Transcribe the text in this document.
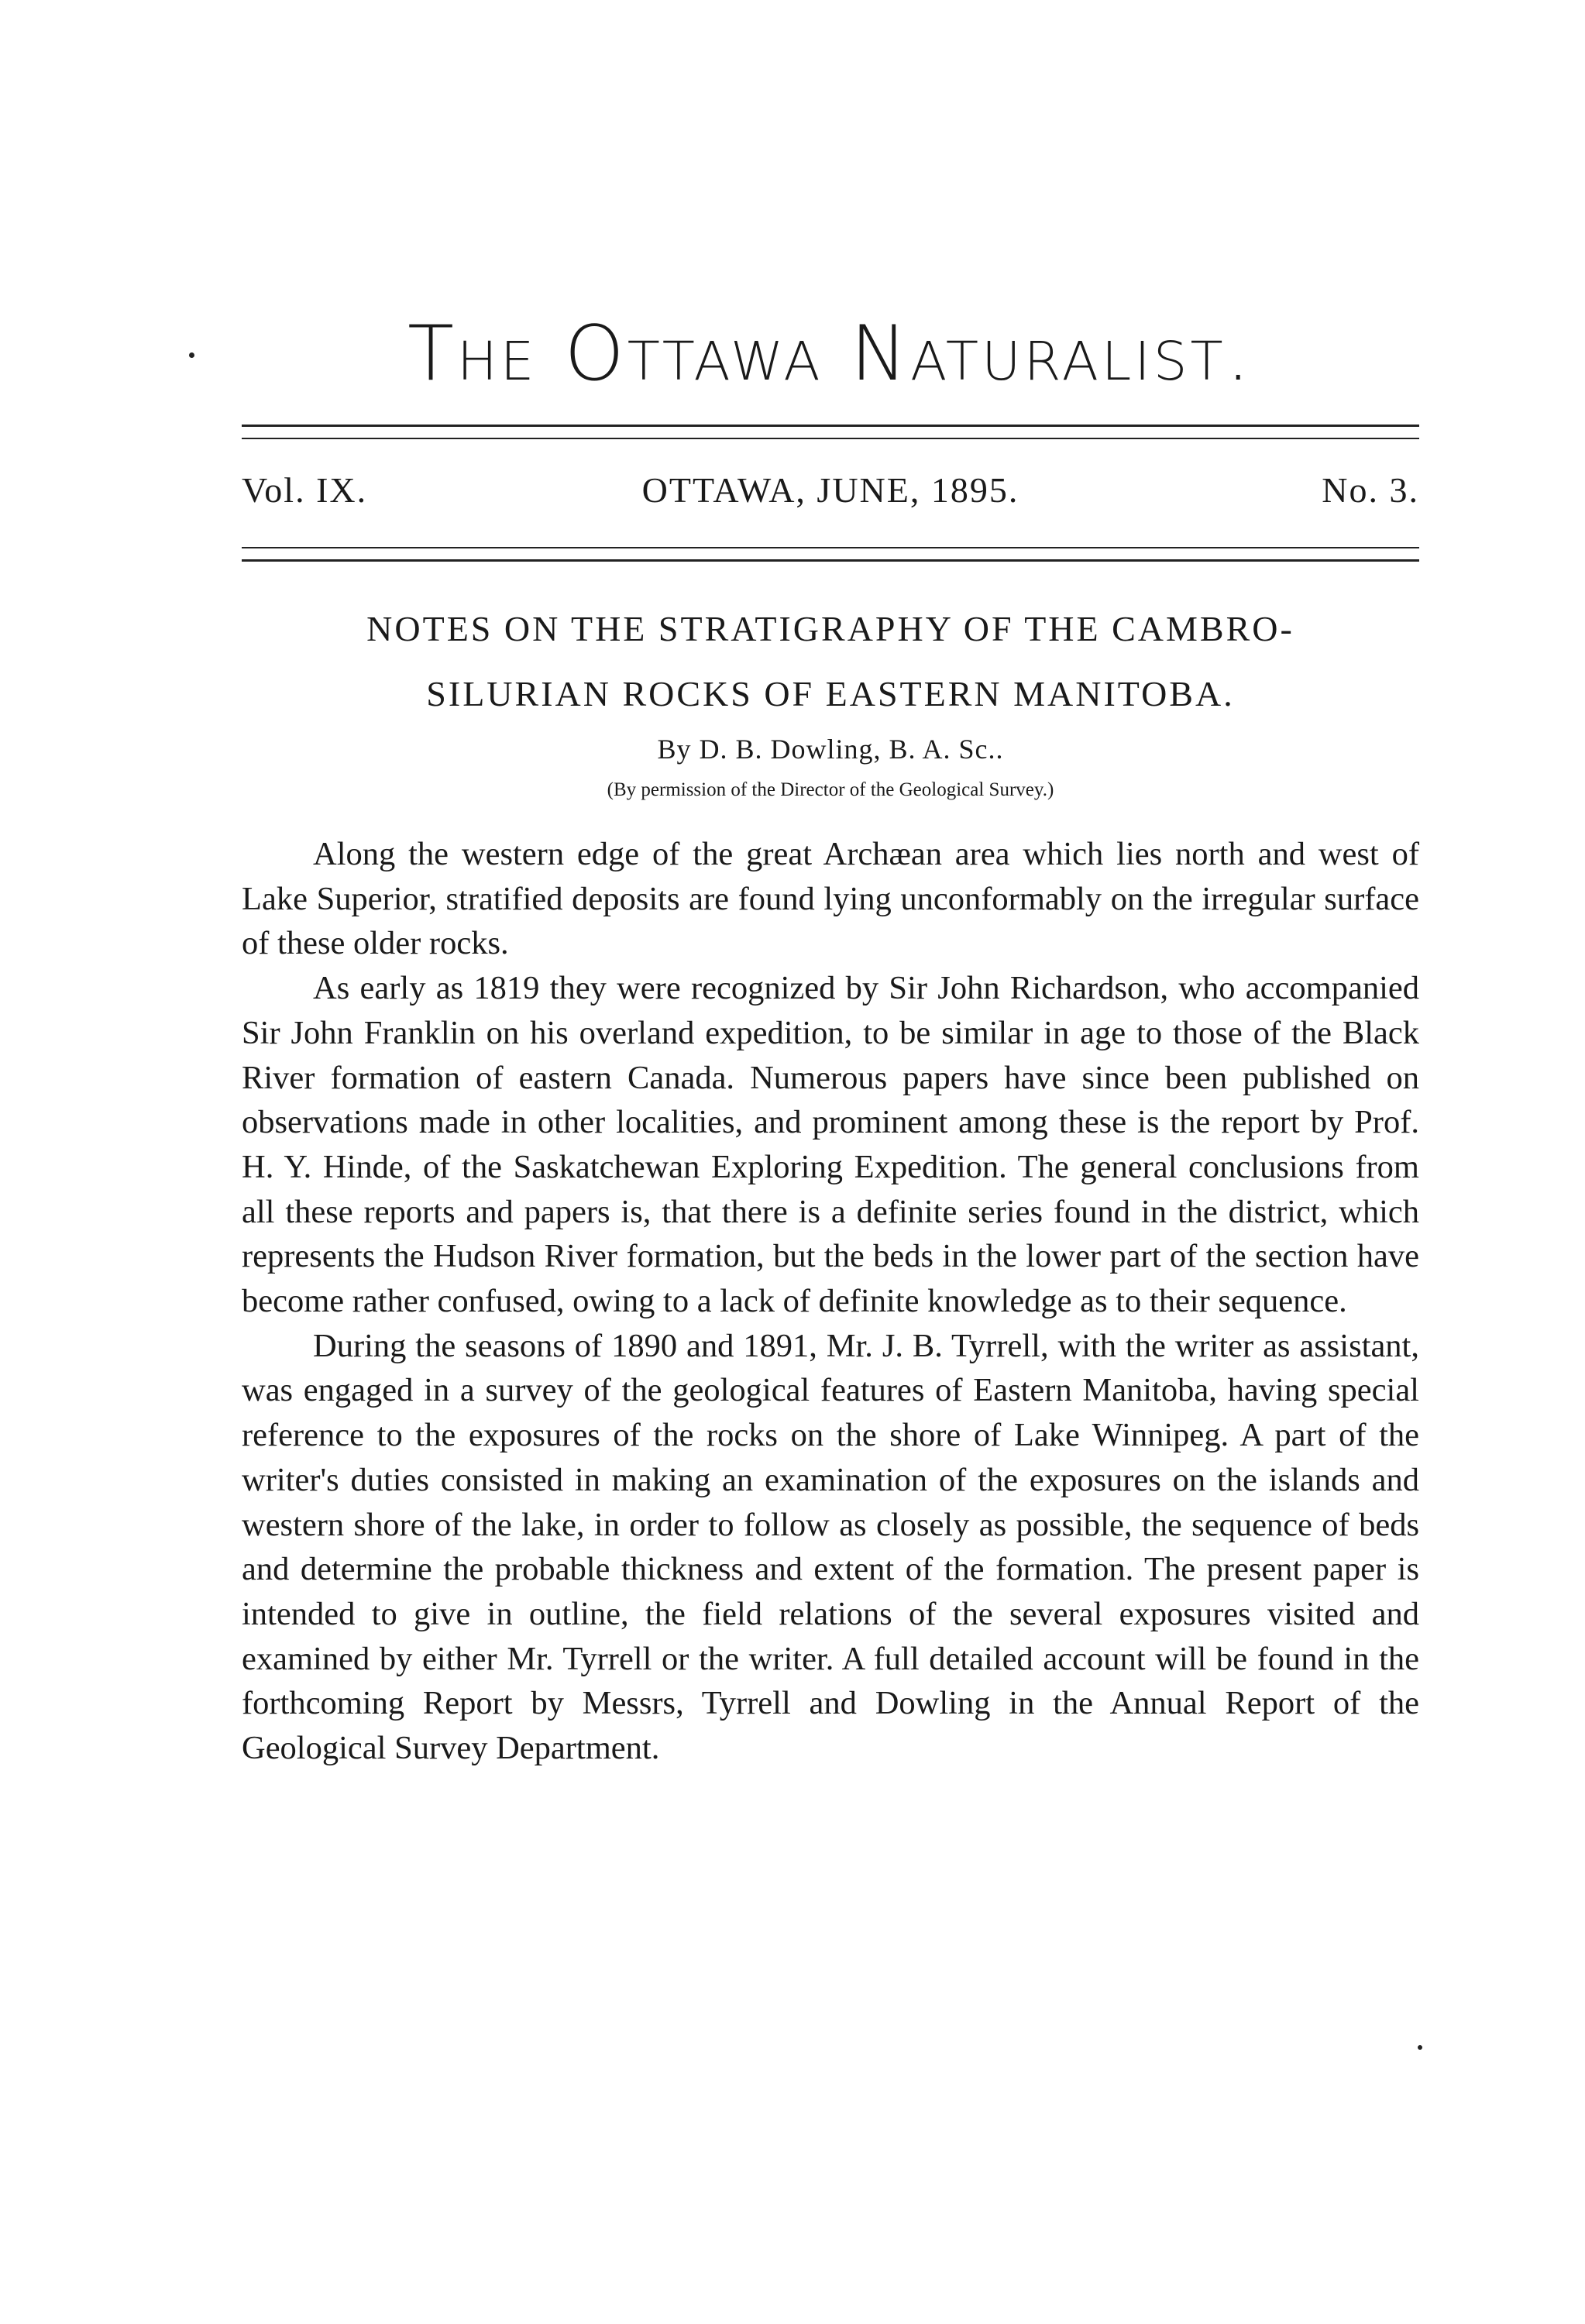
The Ottawa Naturalist.
Vol. IX.	OTTAWA, JUNE, 1895.	No. 3.
NOTES ON THE STRATIGRAPHY OF THE CAMBRO-
SILURIAN ROCKS OF EASTERN MANITOBA.
By D. B. Dowling, B. A. Sc..
(By permission of the Director of the Geological Survey.)

Along the western edge of the great Archæan area which lies north and west of Lake Superior, stratified deposits are found lying unconformably on the irregular surface of these older rocks.

As early as 1819 they were recognized by Sir John Richardson, who accompanied Sir John Franklin on his overland expedition, to be similar in age to those of the Black River formation of eastern Canada. Numerous papers have since been published on observations made in other localities, and prominent among these is the report by Prof. H. Y. Hinde, of the Saskatchewan Exploring Expedition. The general conclusions from all these reports and papers is, that there is a definite series found in the district, which represents the Hudson River formation, but the beds in the lower part of the section have become rather confused, owing to a lack of definite knowledge as to their sequence.

During the seasons of 1890 and 1891, Mr. J. B. Tyrrell, with the writer as assistant, was engaged in a survey of the geological features of Eastern Manitoba, having special reference to the exposures of the rocks on the shore of Lake Winnipeg. A part of the writer's duties consisted in making an examination of the exposures on the islands and western shore of the lake, in order to follow as closely as possible, the sequence of beds and determine the probable thickness and extent of the formation. The present paper is intended to give in outline, the field relations of the several exposures visited and examined by either Mr. Tyrrell or the writer. A full detailed account will be found in the forthcoming Report by Messrs, Tyrrell and Dowling in the Annual Report of the Geological Survey Department.
